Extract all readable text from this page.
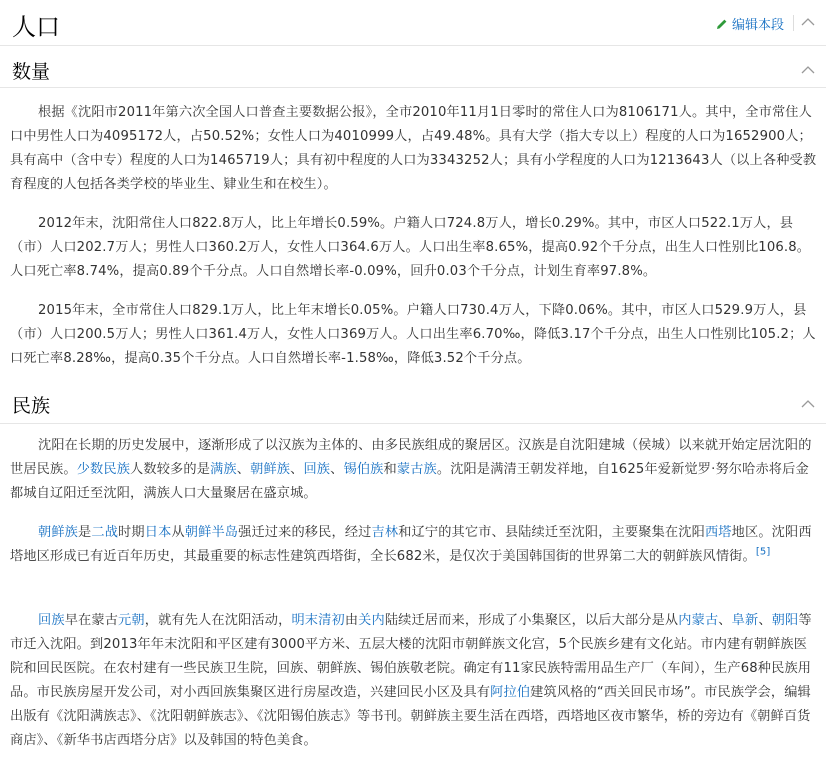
人口	编辑本段
数量

根据《沈阳市2011年第六次全国人口普查主要数据公报》，全市2010年11月1日零时的常住人口为8106171人。其中，全市常住人口中男性人口为4095172人，占50.52%；女性人口为4010999人，占49.48%。具有大学（指大专以上）程度的人口为1652900人；具有高中（含中专）程度的人口为1465719人；具有初中程度的人口为3343252人；具有小学程度的人口为1213643人（以上各种受教育程度的人包括各类学校的毕业生、肄业生和在校生）。

2012年末，沈阳常住人口822.8万人，比上年增长0.59%。户籍人口724.8万人，增长0.29%。其中，市区人口522.1万人，县（市）人口202.7万人；男性人口360.2万人，女性人口364.6万人。人口出生率8.65%，提高0.92个千分点，出生人口性别比106.8。人口死亡率8.74%，提高0.89个千分点。人口自然增长率-0.09%，回升0.03个千分点，计划生育率97.8%。

2015年末，全市常住人口829.1万人，比上年末增长0.05%。户籍人口730.4万人，下降0.06%。其中，市区人口529.9万人，县（市）人口200.5万人；男性人口361.4万人，女性人口369万人。人口出生率6.70‰，降低3.17个千分点，出生人口性别比105.2；人口死亡率8.28‰，提高0.35个千分点。人口自然增长率-1.58‰，降低3.52个千分点。

民族

沈阳在长期的历史发展中，逐渐形成了以汉族为主体的、由多民族组成的聚居区。汉族是自沈阳建城（侯城）以来就开始定居沈阳的世居民族。少数民族人数较多的是满族、朝鲜族、回族、锡伯族和蒙古族。沈阳是满清王朝发祥地，自1625年爱新觉罗·努尔哈赤将后金都城自辽阳迁至沈阳，满族人口大量聚居在盛京城。

朝鲜族是二战时期日本从朝鲜半岛强迁过来的移民，经过吉林和辽宁的其它市、县陆续迁至沈阳，主要聚集在沈阳西塔地区。沈阳西塔地区形成已有近百年历史，其最重要的标志性建筑西塔街，全长682米，是仅次于美国韩国街的世界第二大的朝鲜族风情街。[5]

回族早在蒙古元朝，就有先人在沈阳活动，明末清初由关内陆续迁居而来，形成了小集聚区，以后大部分是从内蒙古、阜新、朝阳等市迁入沈阳。到2013年年末沈阳和平区建有3000平方米、五层大楼的沈阳市朝鲜族文化宫，5个民族乡建有文化站。市内建有朝鲜族医院和回民医院。在农村建有一些民族卫生院，回族、朝鲜族、锡伯族敬老院。确定有11家民族特需用品生产厂（车间），生产68种民族用品。市民族房屋开发公司，对小西回族集聚区进行房屋改造，兴建回民小区及具有阿拉伯建筑风格的“西关回民市场”。市民族学会，编辑出版有《沈阳满族志》、《沈阳朝鲜族志》、《沈阳锡伯族志》等书刊。朝鲜族主要生活在西塔，西塔地区夜市繁华，桥的旁边有《朝鲜百货商店》、《新华书店西塔分店》以及韩国的特色美食。
